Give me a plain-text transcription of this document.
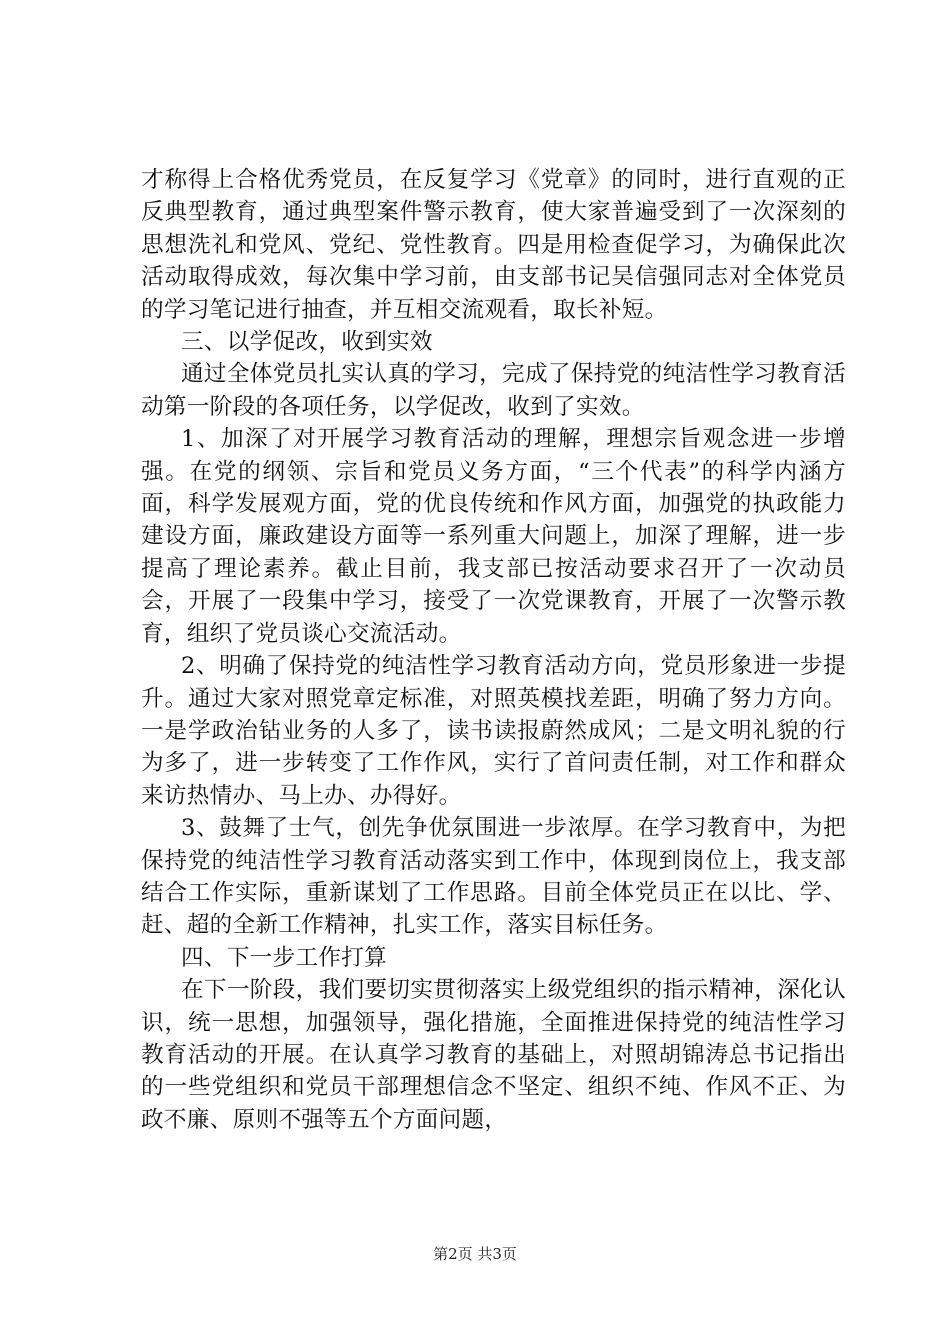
才称得上合格优秀党员，在反复学习《党章》的同时，进行直观的正反典型教育，通过典型案件警示教育，使大家普遍受到了一次深刻的思想洗礼和党风、党纪、党性教育。四是用检查促学习，为确保此次活动取得成效，每次集中学习前，由支部书记吴信强同志对全体党员的学习笔记进行抽查，并互相交流观看，取长补短。

三、以学促改，收到实效

通过全体党员扎实认真的学习，完成了保持党的纯洁性学习教育活动第一阶段的各项任务，以学促改，收到了实效。

1、加深了对开展学习教育活动的理解，理想宗旨观念进一步增强。在党的纲领、宗旨和党员义务方面，“三个代表”的科学内涵方面，科学发展观方面，党的优良传统和作风方面，加强党的执政能力建设方面，廉政建设方面等一系列重大问题上，加深了理解，进一步提高了理论素养。截止目前，我支部已按活动要求召开了一次动员会，开展了一段集中学习，接受了一次党课教育，开展了一次警示教育，组织了党员谈心交流活动。

2、明确了保持党的纯洁性学习教育活动方向，党员形象进一步提升。通过大家对照党章定标准，对照英模找差距，明确了努力方向。一是学政治钻业务的人多了，读书读报蔚然成风；二是文明礼貌的行为多了，进一步转变了工作作风，实行了首问责任制，对工作和群众来访热情办、马上办、办得好。

3、鼓舞了士气，创先争优氛围进一步浓厚。在学习教育中，为把保持党的纯洁性学习教育活动落实到工作中，体现到岗位上，我支部结合工作实际，重新谋划了工作思路。目前全体党员正在以比、学、赶、超的全新工作精神，扎实工作，落实目标任务。

四、下一步工作打算

在下一阶段，我们要切实贯彻落实上级党组织的指示精神，深化认识，统一思想，加强领导，强化措施，全面推进保持党的纯洁性学习教育活动的开展。在认真学习教育的基础上，对照胡锦涛总书记指出的一些党组织和党员干部理想信念不坚定、组织不纯、作风不正、为政不廉、原则不强等五个方面问题，

第2页 共3页
